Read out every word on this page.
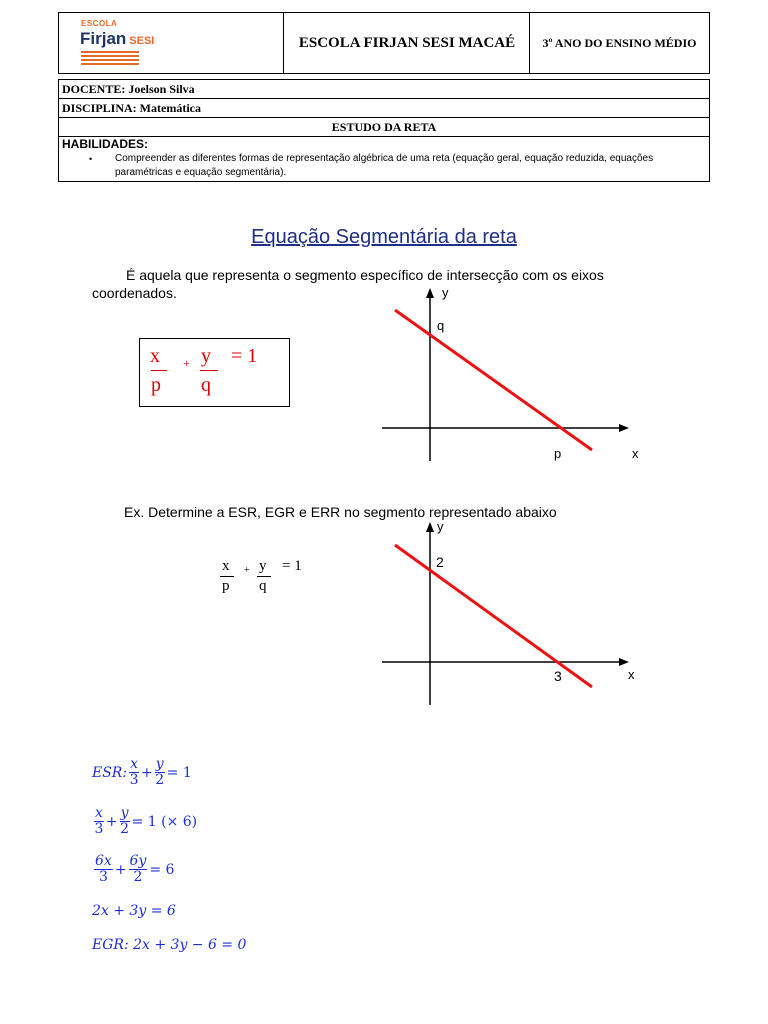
ESCOLA
Firjan SESI	ESCOLA FIRJAN SESI MACAÉ	3º ANO DO ENSINO MÉDIO
DOCENTE: Joelson Silva
DISCIPLINA: Matemática
ESTUDO DA RETA
HABILIDADES:
• Compreender as diferentes formas de representação algébrica de uma reta (equação geral, equação reduzida, equações paramétricas e equação segmentária).
Equação Segmentária da reta
É aquela que representa o segmento específico de intersecção com os eixos coordenados.
x
p
+ y
q
= 1
y
q
p	x
Ex. Determine a ESR, EGR e ERR no segmento representado abaixo
x
p
+ y
q
= 1
y
2
3	x
ESR: $\frac{x}{3} + \frac{y}{2} = 1$
$\frac{x}{3} + \frac{y}{2} = 1$ (× 6)
$\frac{6x}{3} + \frac{6y}{2} = 6$
2x + 3y = 6
EGR: 2x + 3y − 6 = 0
